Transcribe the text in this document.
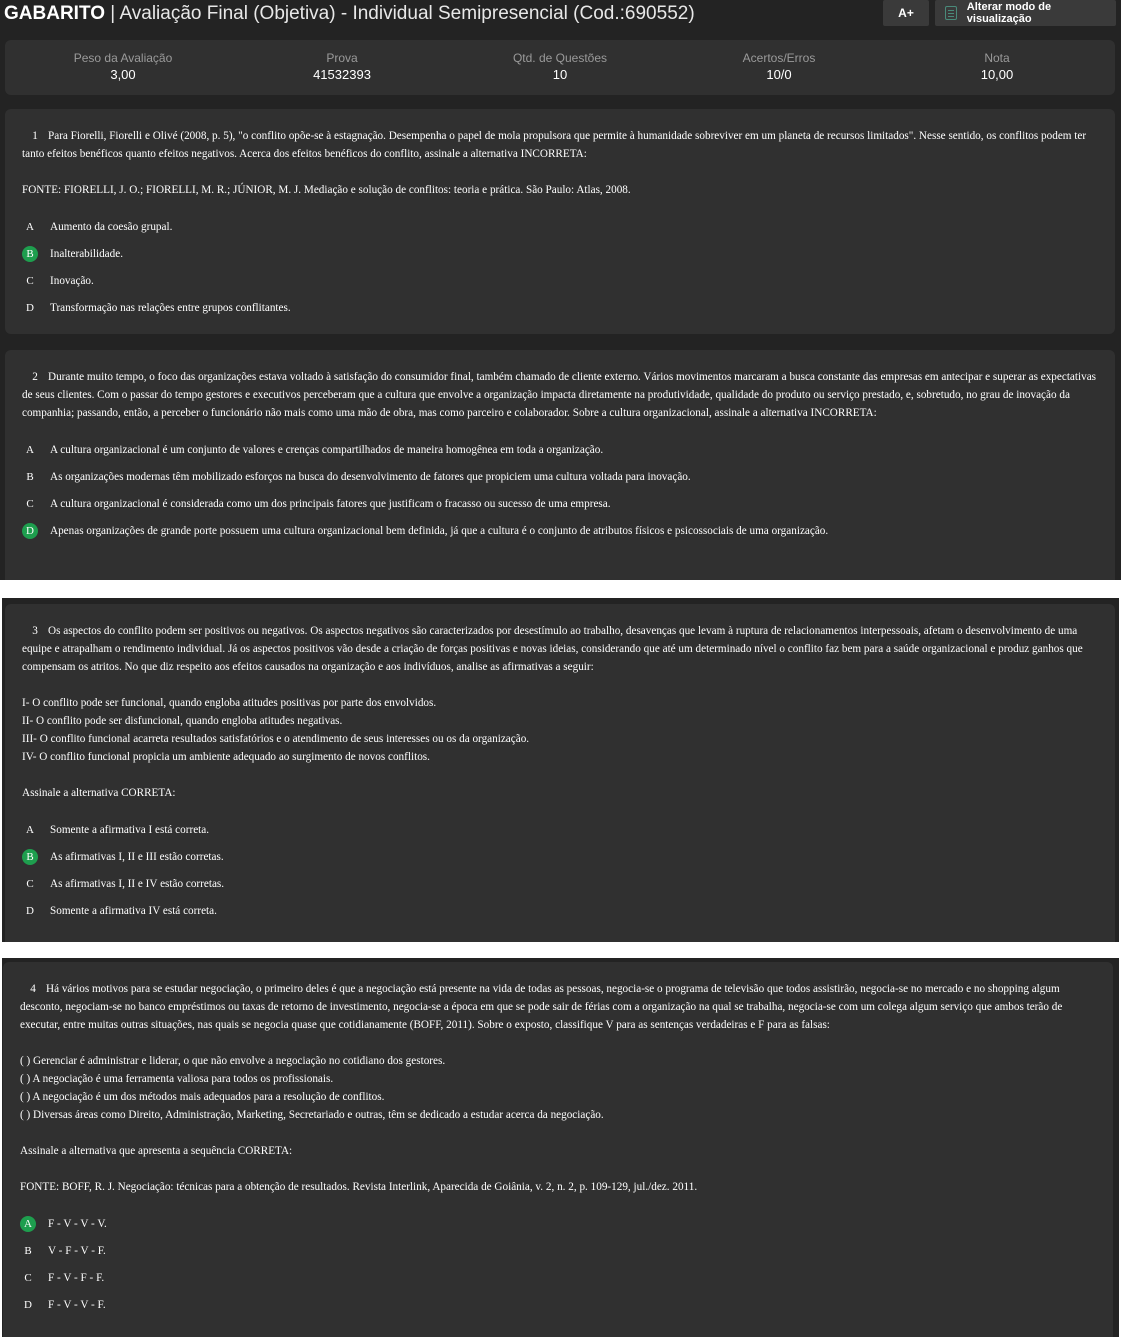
GABARITO | Avaliação Final (Objetiva) - Individual Semipresencial (Cod.:690552)	A+	Alterar modo de visualização
Peso da Avaliação
3,00
Prova
41532393
Qtd. de Questões
10
Acertos/Erros
10/0
Nota
10,00

1 Para Fiorelli, Fiorelli e Olivé (2008, p. 5), "o conflito opõe-se à estagnação. Desempenha o papel de mola propulsora que permite à humanidade sobreviver em um planeta de recursos limitados". Nesse sentido, os conflitos podem ter tanto efeitos benéficos quanto efeitos negativos. Acerca dos efeitos benéficos do conflito, assinale a alternativa INCORRETA:

FONTE: FIORELLI, J. O.; FIORELLI, M. R.; JÚNIOR, M. J. Mediação e solução de conflitos: teoria e prática. São Paulo: Atlas, 2008.

A	Aumento da coesão grupal.
B	Inalterabilidade.
C	Inovação.
D	Transformação nas relações entre grupos conflitantes.

2 Durante muito tempo, o foco das organizações estava voltado à satisfação do consumidor final, também chamado de cliente externo. Vários movimentos marcaram a busca constante das empresas em antecipar e superar as expectativas de seus clientes. Com o passar do tempo gestores e executivos perceberam que a cultura que envolve a organização impacta diretamente na produtividade, qualidade do produto ou serviço prestado, e, sobretudo, no grau de inovação da companhia; passando, então, a perceber o funcionário não mais como uma mão de obra, mas como parceiro e colaborador. Sobre a cultura organizacional, assinale a alternativa INCORRETA:

A	A cultura organizacional é um conjunto de valores e crenças compartilhados de maneira homogênea em toda a organização.
B	As organizações modernas têm mobilizado esforços na busca do desenvolvimento de fatores que propiciem uma cultura voltada para inovação.
C	A cultura organizacional é considerada como um dos principais fatores que justificam o fracasso ou sucesso de uma empresa.
D	Apenas organizações de grande porte possuem uma cultura organizacional bem definida, já que a cultura é o conjunto de atributos físicos e psicossociais de uma organização.

3 Os aspectos do conflito podem ser positivos ou negativos. Os aspectos negativos são caracterizados por desestímulo ao trabalho, desavenças que levam à ruptura de relacionamentos interpessoais, afetam o desenvolvimento de uma equipe e atrapalham o rendimento individual. Já os aspectos positivos vão desde a criação de forças positivas e novas ideias, considerando que até um determinado nível o conflito faz bem para a saúde organizacional e produz ganhos que compensam os atritos. No que diz respeito aos efeitos causados na organização e aos indivíduos, analise as afirmativas a seguir:

I- O conflito pode ser funcional, quando engloba atitudes positivas por parte dos envolvidos.

II- O conflito pode ser disfuncional, quando engloba atitudes negativas.

III- O conflito funcional acarreta resultados satisfatórios e o atendimento de seus interesses ou os da organização.

IV- O conflito funcional propicia um ambiente adequado ao surgimento de novos conflitos.

Assinale a alternativa CORRETA:

A	Somente a afirmativa I está correta.
B	As afirmativas I, II e III estão corretas.
C	As afirmativas I, II e IV estão corretas.
D	Somente a afirmativa IV está correta.

4 Há vários motivos para se estudar negociação, o primeiro deles é que a negociação está presente na vida de todas as pessoas, negocia-se o programa de televisão que todos assistirão, negocia-se no mercado e no shopping algum desconto, negociam-se no banco empréstimos ou taxas de retorno de investimento, negocia-se a época em que se pode sair de férias com a organização na qual se trabalha, negocia-se com um colega algum serviço que ambos terão de executar, entre muitas outras situações, nas quais se negocia quase que cotidianamente (BOFF, 2011). Sobre o exposto, classifique V para as sentenças verdadeiras e F para as falsas:

( ) Gerenciar é administrar e liderar, o que não envolve a negociação no cotidiano dos gestores.

( ) A negociação é uma ferramenta valiosa para todos os profissionais.

( ) A negociação é um dos métodos mais adequados para a resolução de conflitos.

( ) Diversas áreas como Direito, Administração, Marketing, Secretariado e outras, têm se dedicado a estudar acerca da negociação.

Assinale a alternativa que apresenta a sequência CORRETA:

FONTE: BOFF, R. J. Negociação: técnicas para a obtenção de resultados. Revista Interlink, Aparecida de Goiânia, v. 2, n. 2, p. 109-129, jul./dez. 2011.

A	F - V - V - V.
B	V - F - V - F.
C	F - V - F - F.
D	F - V - V - F.
